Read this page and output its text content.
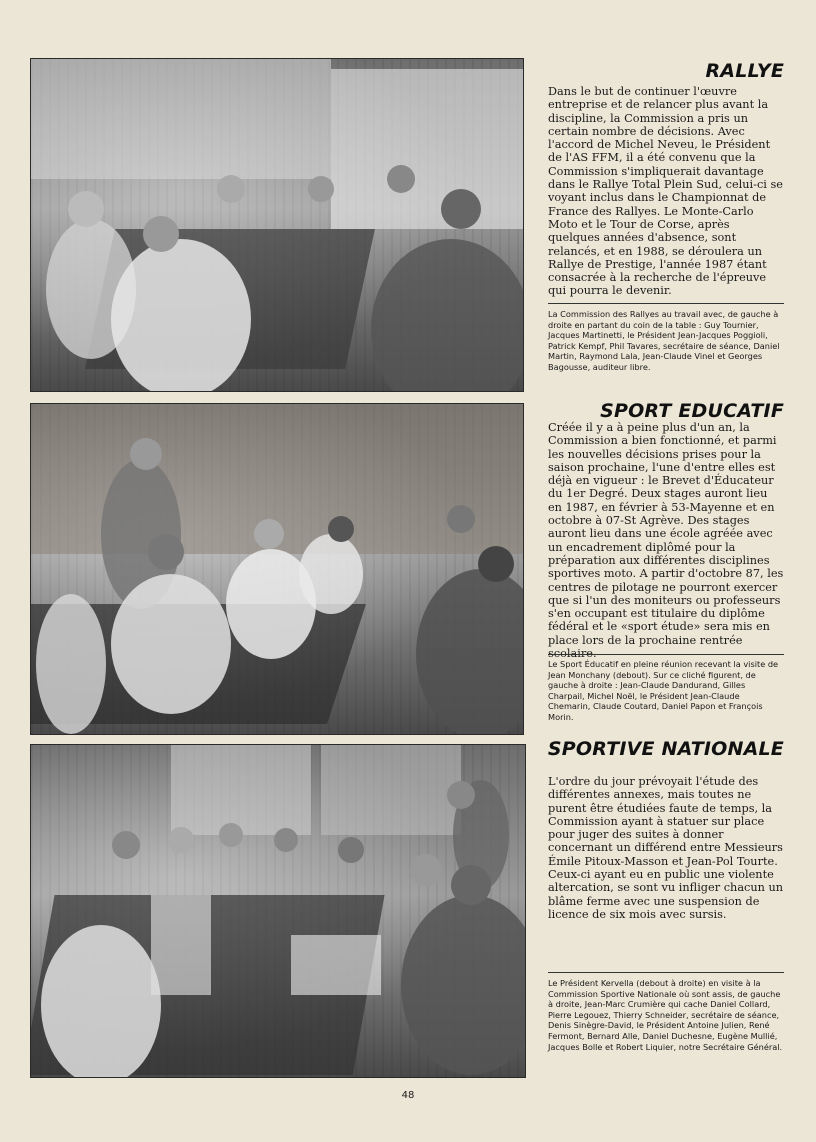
RALLYE
Dans le but de continuer l'œuvre entreprise et de relancer plus avant la discipline, la Commission a pris un certain nombre de décisions. Avec l'accord de Michel Neveu, le Président de l'AS FFM, il a été convenu que la Commission s'impliquerait davantage dans le Rallye Total Plein Sud, celui-ci se voyant inclus dans le Championnat de France des Rallyes. Le Monte-Carlo Moto et le Tour de Corse, après quelques années d'absence, sont relancés, et en 1988, se déroulera un Rallye de Prestige, l'année 1987 étant consacrée à la recherche de l'épreuve qui pourra le devenir.
La Commission des Rallyes au travail avec, de gauche à droite en partant du coin de la table : Guy Tournier, Jacques Martinetti, le Président Jean-Jacques Poggioli, Patrick Kempf, Phil Tavares, secrétaire de séance, Daniel Martin, Raymond Lala, Jean-Claude Vinel et Georges Bagousse, auditeur libre.
SPORT EDUCATIF
Créée il y a à peine plus d'un an, la Commission a bien fonctionné, et parmi les nouvelles décisions prises pour la saison prochaine, l'une d'entre elles est déjà en vigueur : le Brevet d'Éducateur du 1er Degré. Deux stages auront lieu en 1987, en février à 53-Mayenne et en octobre à 07-St Agrève. Des stages auront lieu dans une école agréée avec un encadrement diplômé pour la préparation aux différentes disciplines sportives moto. A partir d'octobre 87, les centres de pilotage ne pourront exercer que si l'un des moniteurs ou professeurs s'en occupant est titulaire du diplôme fédéral et le «sport étude» sera mis en place lors de la prochaine rentrée scolaire.
Le Sport Éducatif en pleine réunion recevant la visite de Jean Monchany (debout). Sur ce cliché figurent, de gauche à droite : Jean-Claude Dandurand, Gilles Charpail, Michel Noël, le Président Jean-Claude Chemarin, Claude Coutard, Daniel Papon et François Morin.
SPORTIVE NATIONALE
L'ordre du jour prévoyait l'étude des différentes annexes, mais toutes ne purent être étudiées faute de temps, la Commission ayant à statuer sur place pour juger des suites à donner concernant un différend entre Messieurs Émile Pitoux-Masson et Jean-Pol Tourte. Ceux-ci ayant eu en public une violente altercation, se sont vu infliger chacun un blâme ferme avec une suspension de licence de six mois avec sursis.
Le Président Kervella (debout à droite) en visite à la Commission Sportive Nationale où sont assis, de gauche à droite, Jean-Marc Crumière qui cache Daniel Collard, Pierre Legouez, Thierry Schneider, secrétaire de séance, Denis Sinègre-David, le Président Antoine Julien, René Fermont, Bernard Alle, Daniel Duchesne, Eugène Mullié, Jacques Bolle et Robert Liquier, notre Secrétaire Général.
48
